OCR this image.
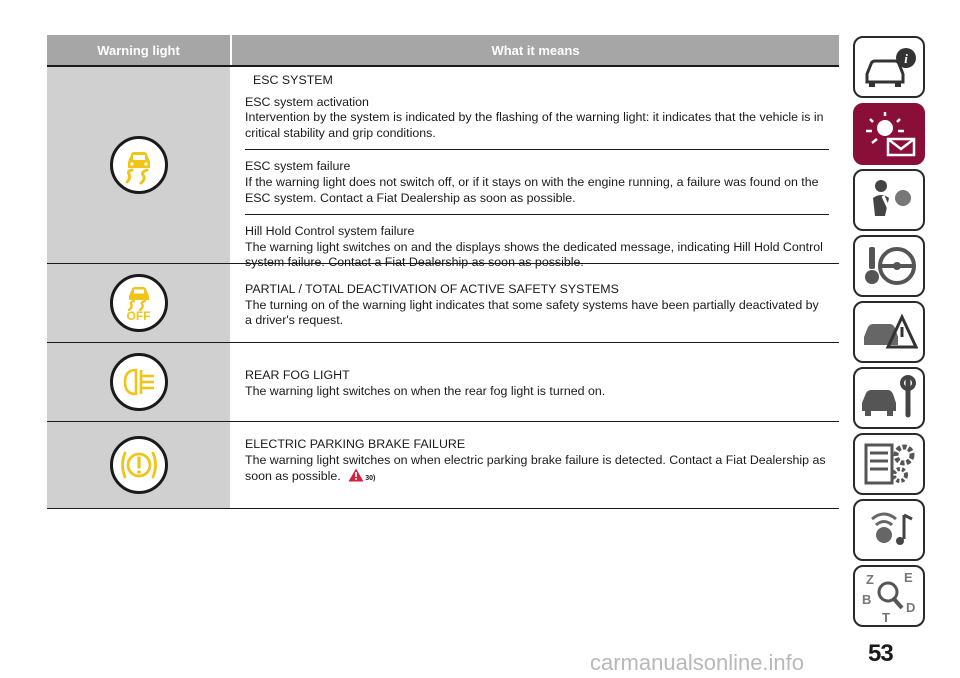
Warning light	What it means
ESC SYSTEM
ESC system activation
Intervention by the system is indicated by the flashing of the warning light: it indicates that the vehicle is in critical stability and grip conditions.
ESC system failure
If the warning light does not switch off, or if it stays on with the engine running, a failure was found on the ESC system. Contact a Fiat Dealership as soon as possible.
Hill Hold Control system failure
The warning light switches on and the displays shows the dedicated message, indicating Hill Hold Control system failure. Contact a Fiat Dealership as soon as possible.
OFF
PARTIAL / TOTAL DEACTIVATION OF ACTIVE SAFETY SYSTEMS
The turning on of the warning light indicates that some safety systems have been partially deactivated by a driver's request.
REAR FOG LIGHT
The warning light switches on when the rear fog light is turned on.
ELECTRIC PARKING BRAKE FAILURE
The warning light switches on when electric parking brake failure is detected. Contact a Fiat Dealership as soon as possible.	30)
i
Z E
B
D
T
53
carmanualsonline.info
